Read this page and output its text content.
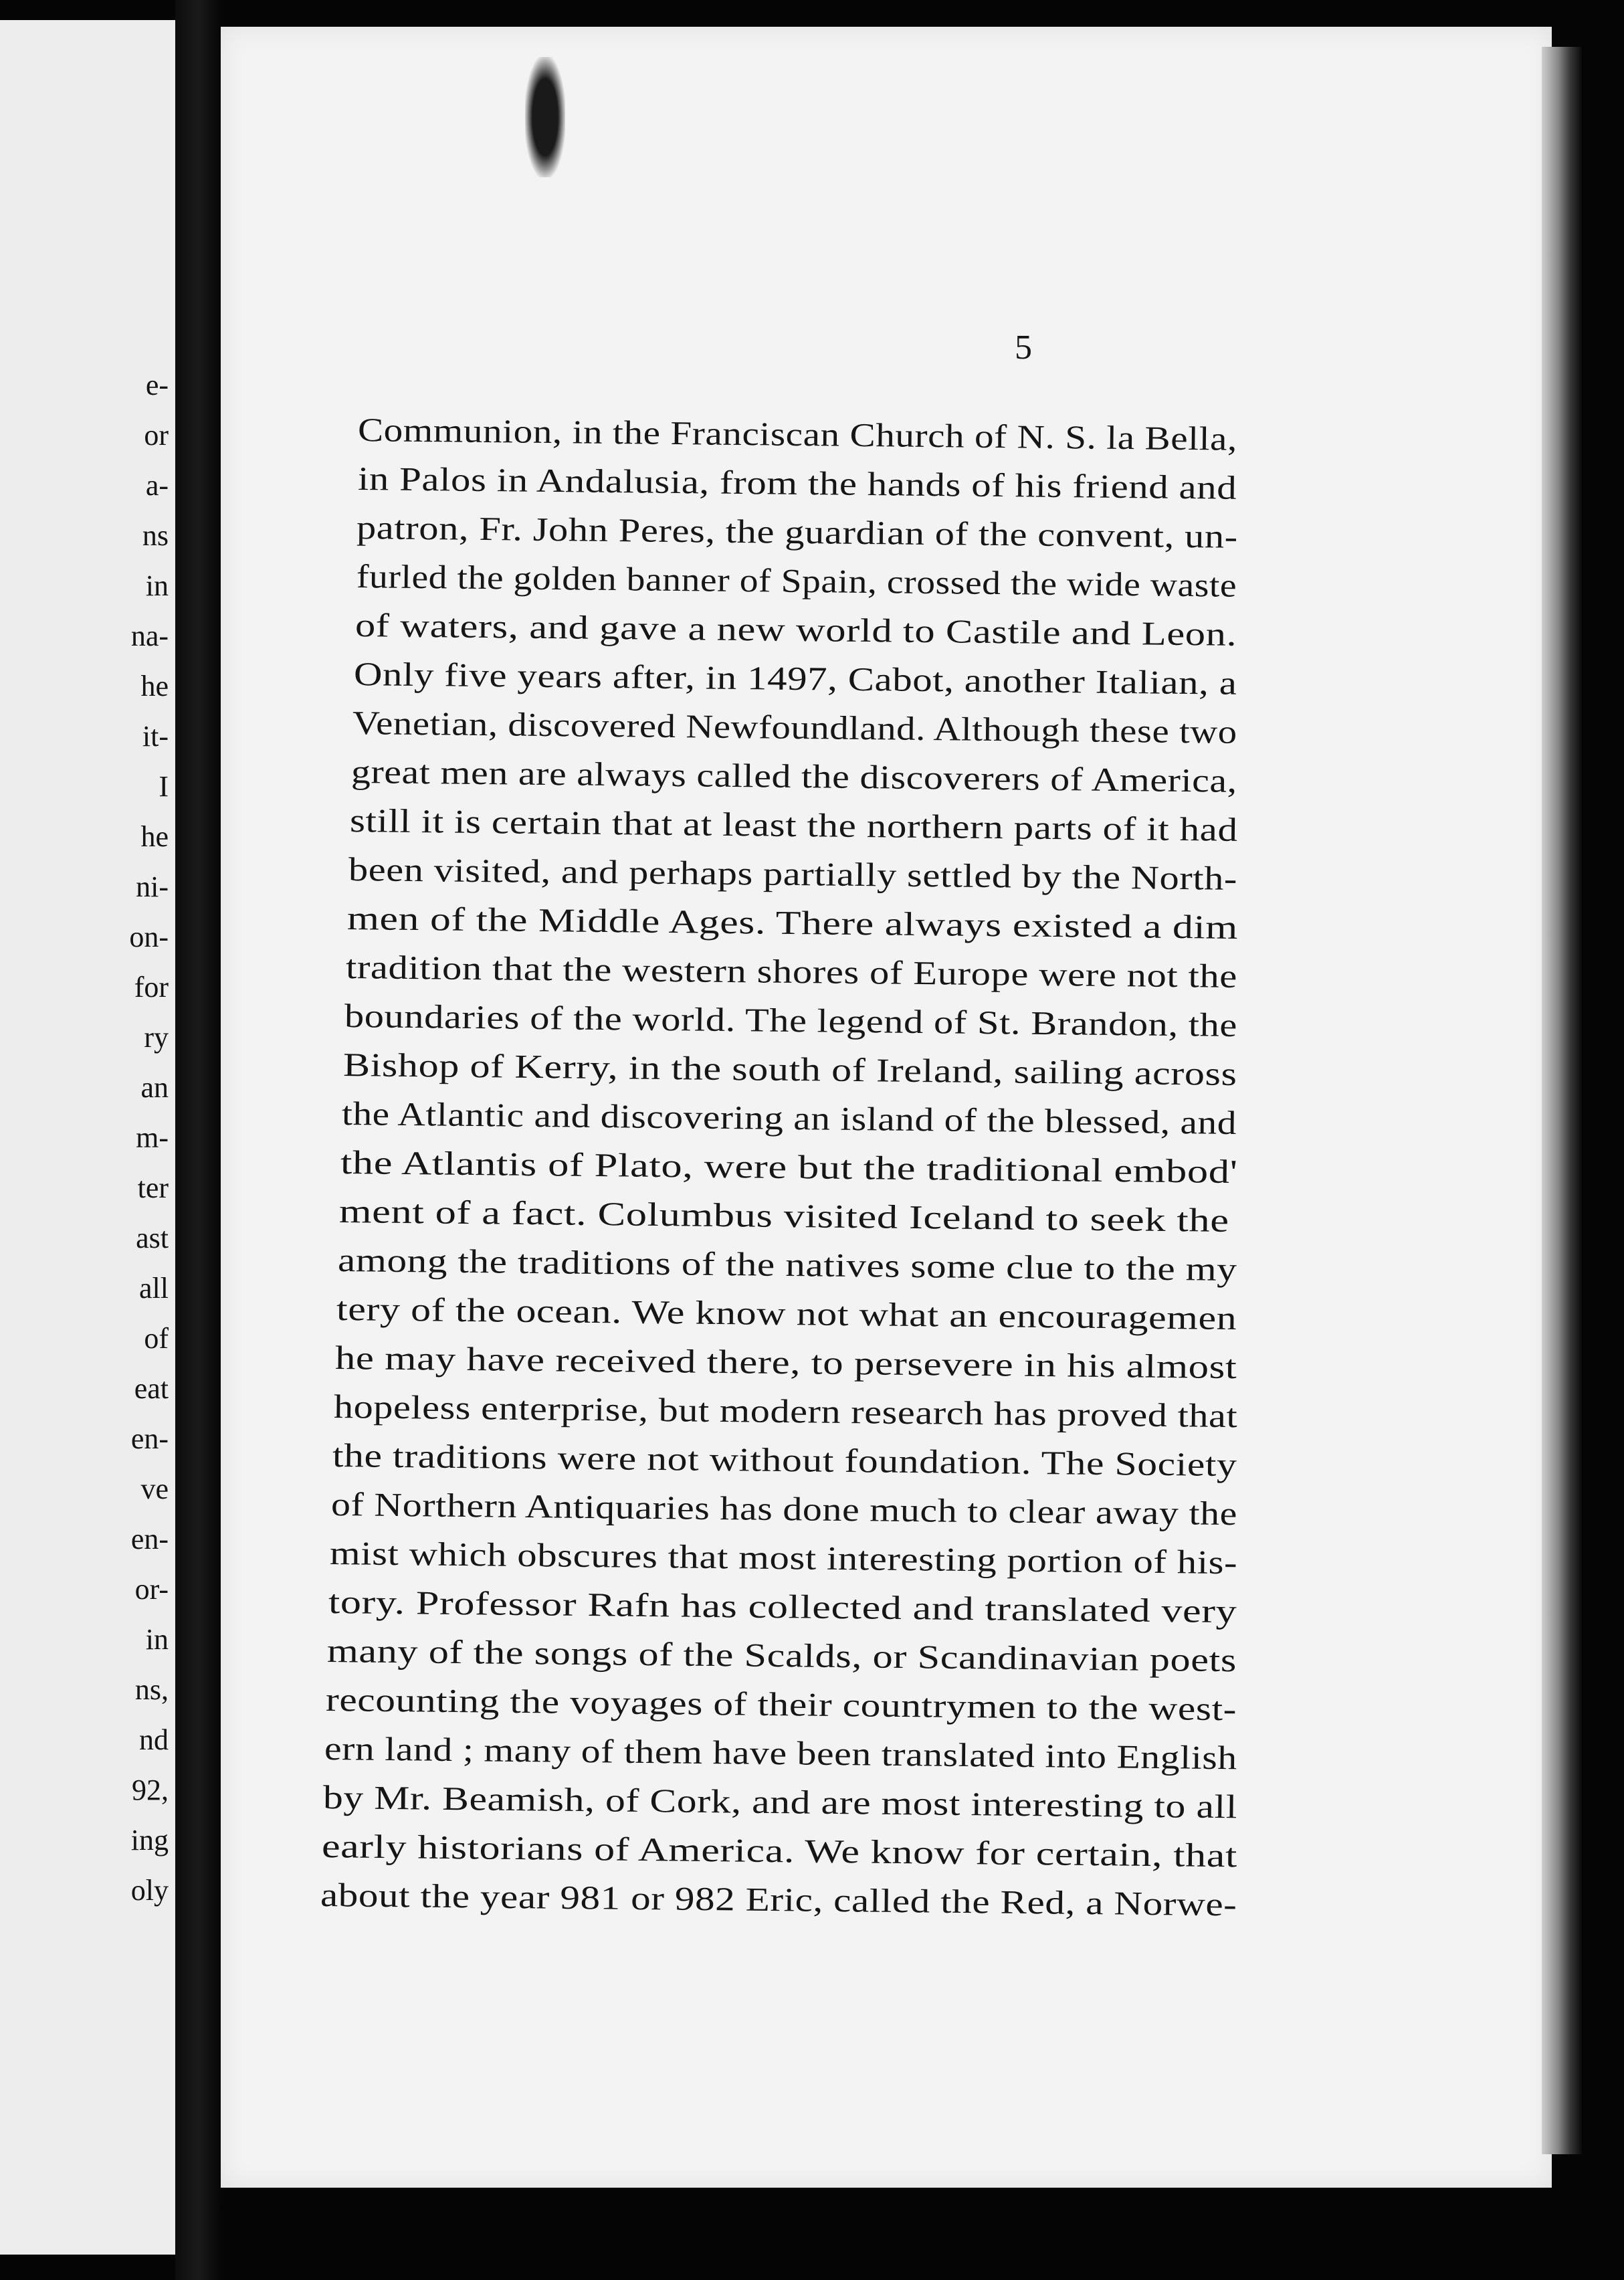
e-
or
a-
ns
in
na-
he
it-
I
he
ni-
on-
for
ry
an
m-
ter
ast
all
of
eat
en-
ve
en-
or-
in
ns,
nd
92,
ing
oly
5
Communion, in the Franciscan Church of N. S. la Bella,
in Palos in Andalusia, from the hands of his friend and
patron, Fr. John Peres, the guardian of the convent, un-
furled the golden banner of Spain, crossed the wide waste
of waters, and gave a new world to Castile and Leon.
Only five years after, in 1497, Cabot, another Italian, a
Venetian, discovered Newfoundland. Although these two
great men are always called the discoverers of America,
still it is certain that at least the northern parts of it had
been visited, and perhaps partially settled by the North-
men of the Middle Ages. There always existed a dim
tradition that the western shores of Europe were not the
boundaries of the world. The legend of St. Brandon, the
Bishop of Kerry, in the south of Ireland, sailing across
the Atlantic and discovering an island of the blessed, and
the Atlantis of Plato, were but the traditional embod'
ment of a fact. Columbus visited Iceland to seek the
among the traditions of the natives some clue to the my
tery of the ocean. We know not what an encouragemen
he may have received there, to persevere in his almost
hopeless enterprise, but modern research has proved that
the traditions were not without foundation. The Society
of Northern Antiquaries has done much to clear away the
mist which obscures that most interesting portion of his-
tory. Professor Rafn has collected and translated very
many of the songs of the Scalds, or Scandinavian poets
recounting the voyages of their countrymen to the west-
ern land ; many of them have been translated into English
by Mr. Beamish, of Cork, and are most interesting to all
early historians of America. We know for certain, that
about the year 981 or 982 Eric, called the Red, a Norwe-
